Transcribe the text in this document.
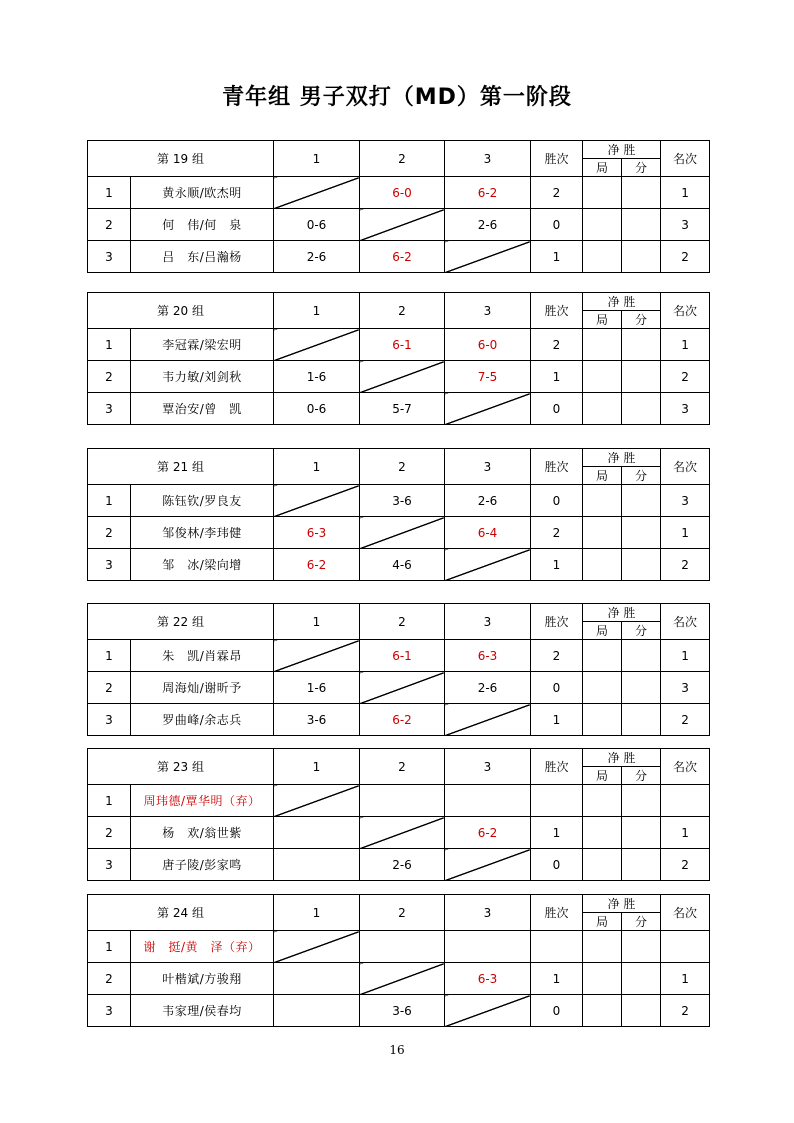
青年组 男子双打（MD）第一阶段
第 19 组		1	2	3	胜次	净 胜		名次
						局	分	
1	黄永顺/欧杰明		6-0	6-2	2			1
2	何　伟/何　泉	0-6		2-6	0			3
3	吕　东/吕瀚杨	2-6	6-2		1			2
第 20 组		1	2	3	胜次	净 胜		名次
						局	分	
1	李冠霖/梁宏明		6-1	6-0	2			1
2	韦力敏/刘剑秋	1-6		7-5	1			2
3	覃治安/曾　凯	0-6	5-7		0			3
第 21 组		1	2	3	胜次	净 胜		名次
						局	分	
1	陈钰钦/罗良友		3-6	2-6	0			3
2	邹俊林/李玮健	6-3		6-4	2			1
3	邹　冰/梁向增	6-2	4-6		1			2
第 22 组		1	2	3	胜次	净 胜		名次
						局	分	
1	朱　凯/肖霖昂		6-1	6-3	2			1
2	周海灿/谢昕予	1-6		2-6	0			3
3	罗曲峰/余志兵	3-6	6-2		1			2
第 23 组		1	2	3	胜次	净 胜		名次
						局	分	
1	周玮德/覃华明（弃）							
2	杨　欢/翁世紫			6-2	1			1
3	唐子陵/彭家鸣		2-6		0			2
第 24 组		1	2	3	胜次	净 胜		名次
						局	分	
1	谢　挺/黄　泽（弃）							
2	叶楷斌/方骏翔			6-3	1			1
3	韦家理/侯春均		3-6		0			2
16
